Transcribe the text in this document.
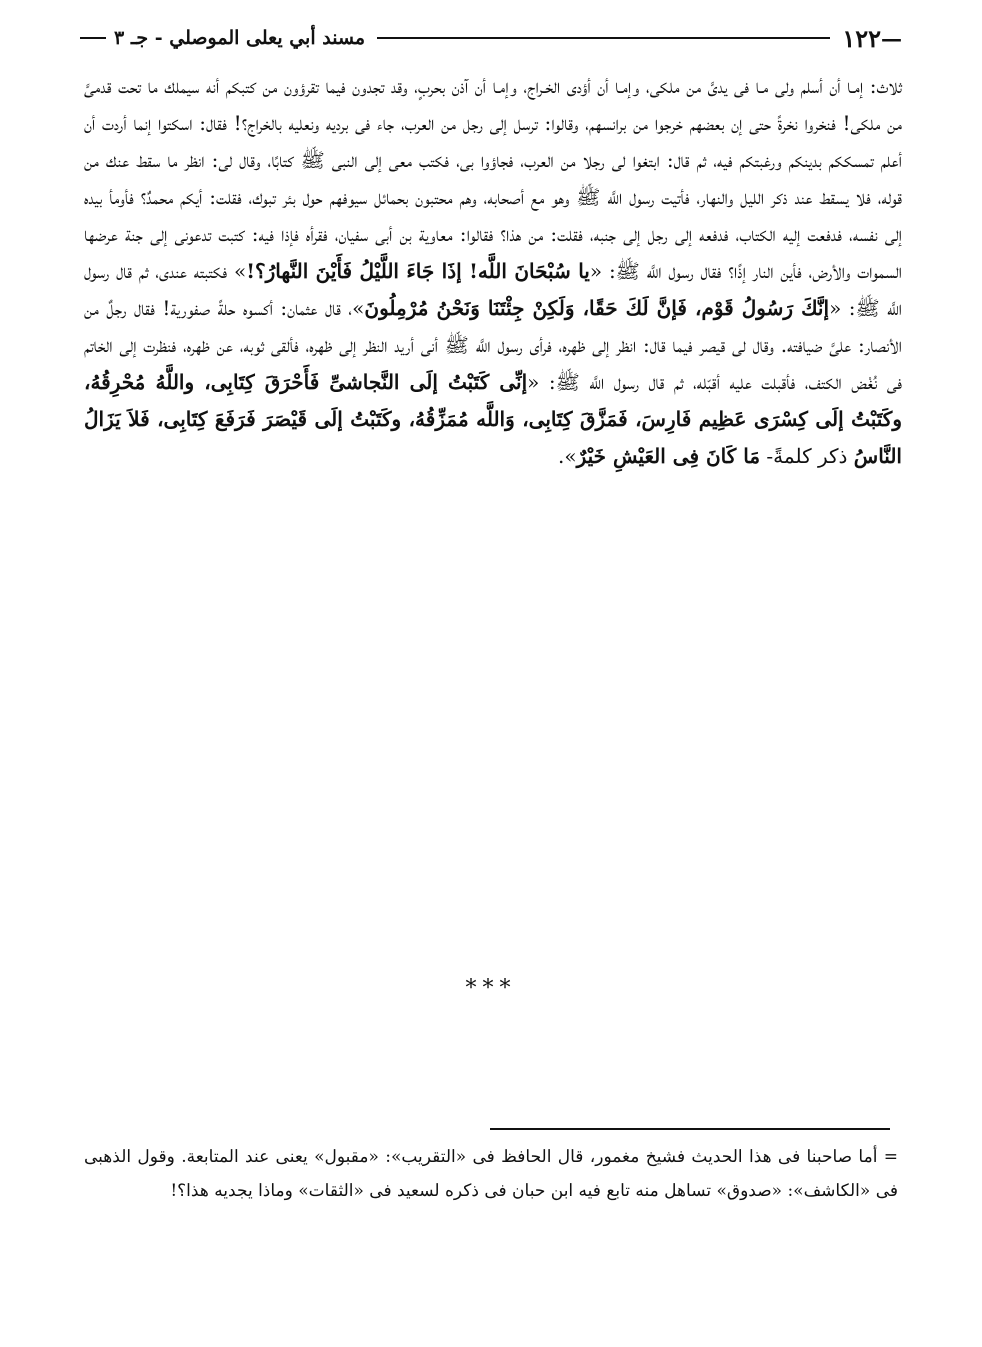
—
١٢٢
مسند أبي يعلى الموصلي
-
جـ ٣

ثلاث: إمـا أن أسلم ولى مـا فى يدىَّ من ملكى، وإمـا أن أؤدى الخـراج، وإمـا أن آذن بحربٍ، وقد تجدون فيما تقرؤون من كتبكم أنه سيملك ما تحت قدمىَّ من ملكى! فنخروا نخرةً حتى إن بعضهم خرجوا من برانسهم، وقالوا: ترسل إلى رجل من العرب، جاء فى برديه ونعليه بالخراج؟! فقال: اسكتوا إنما أردت أن أعلم تمسككم بدينكم ورغبتكم فيه، ثم قال: ابتغوا لى رجلا من العرب، فجاؤوا بى، فكتب معى إلى النبى ﷺ كتابًا، وقال لى: انظر ما سقط عنك من قوله، فلا يسقط عند ذكر الليل والنهار، فأتيت رسول اللَّه ﷺ وهو مع أصحابه، وهم محتبون بحمائل سيوفهم حول بئر تبوك، فقلت: أيكم محمدٌ؟ فأومأ بيده إلى نفسه، فدفعت إليه الكتاب، فدفعه إلى رجل إلى جنبه، فقلت: من هذا؟ فقالوا: معاوية بن أبى سفيان، فقرأه فإذا فيه: كتبت تدعونى إلى جنة عرضها السموات والأرض، فأين النار إذًا؟ فقال رسول اللَّه ﷺ: «يا سُبْحَانَ اللَّه! إذَا جَاءَ اللَّيْلُ فَأَيْنَ النَّهارُ؟!» فكتبته عندى، ثم قال رسول اللَّه ﷺ: «إنَّكَ رَسُولُ قَوْم، فَإنَّ لَكَ حَقًا، وَلَكِنْ جِئْتَنَا وَنَحْنُ مُرْمِلُونَ»، قال عثمان: أكسوه حلةً صفورية! فقال رجلٌ من الأنصار: علىَّ ضيافته. وقال لى قيصر فيما قال: انظر إلى ظهره، فرأى رسول اللَّه ﷺ أنى أريد النظر إلى ظهره، فألقى ثوبه، عن ظهره، فنظرت إلى الخاتم فى نُغْض الكتف، فأقبلت عليه أقبّله، ثم قال رسول اللَّه ﷺ: «إنِّى كَتَبْتُ إلَى النَّجاشىِّ فَأَحْرَقَ كِتَابِى، واللَّهُ مُحْرِقُهُ، وكَتَبْتُ إلَى كِسْرَى عَظِيم فَارِسَ، فَمَزَّقَ كِتَابِى، وَاللَّه مُمَزِّقُهُ، وكَتَبْتُ إلَى قَيْصَرَ فَرَفَعَ كِتَابِى، فَلاَ يَزَالُ النَّاسُ ذكر كلمةً- مَا كَانَ فِى العَيْشِ خَيْرٌ».

***

= أما صاحبنا فى هذا الحديث فشيخ مغمور، قال الحافظ فى «التقريب»: «مقبول» يعنى عند المتابعة. وقول الذهبى فى «الكاشف»: «صدوق» تساهل منه تابع فيه ابن حبان فى ذكره لسعيد فى «الثقات» وماذا يجديه هذا؟!
